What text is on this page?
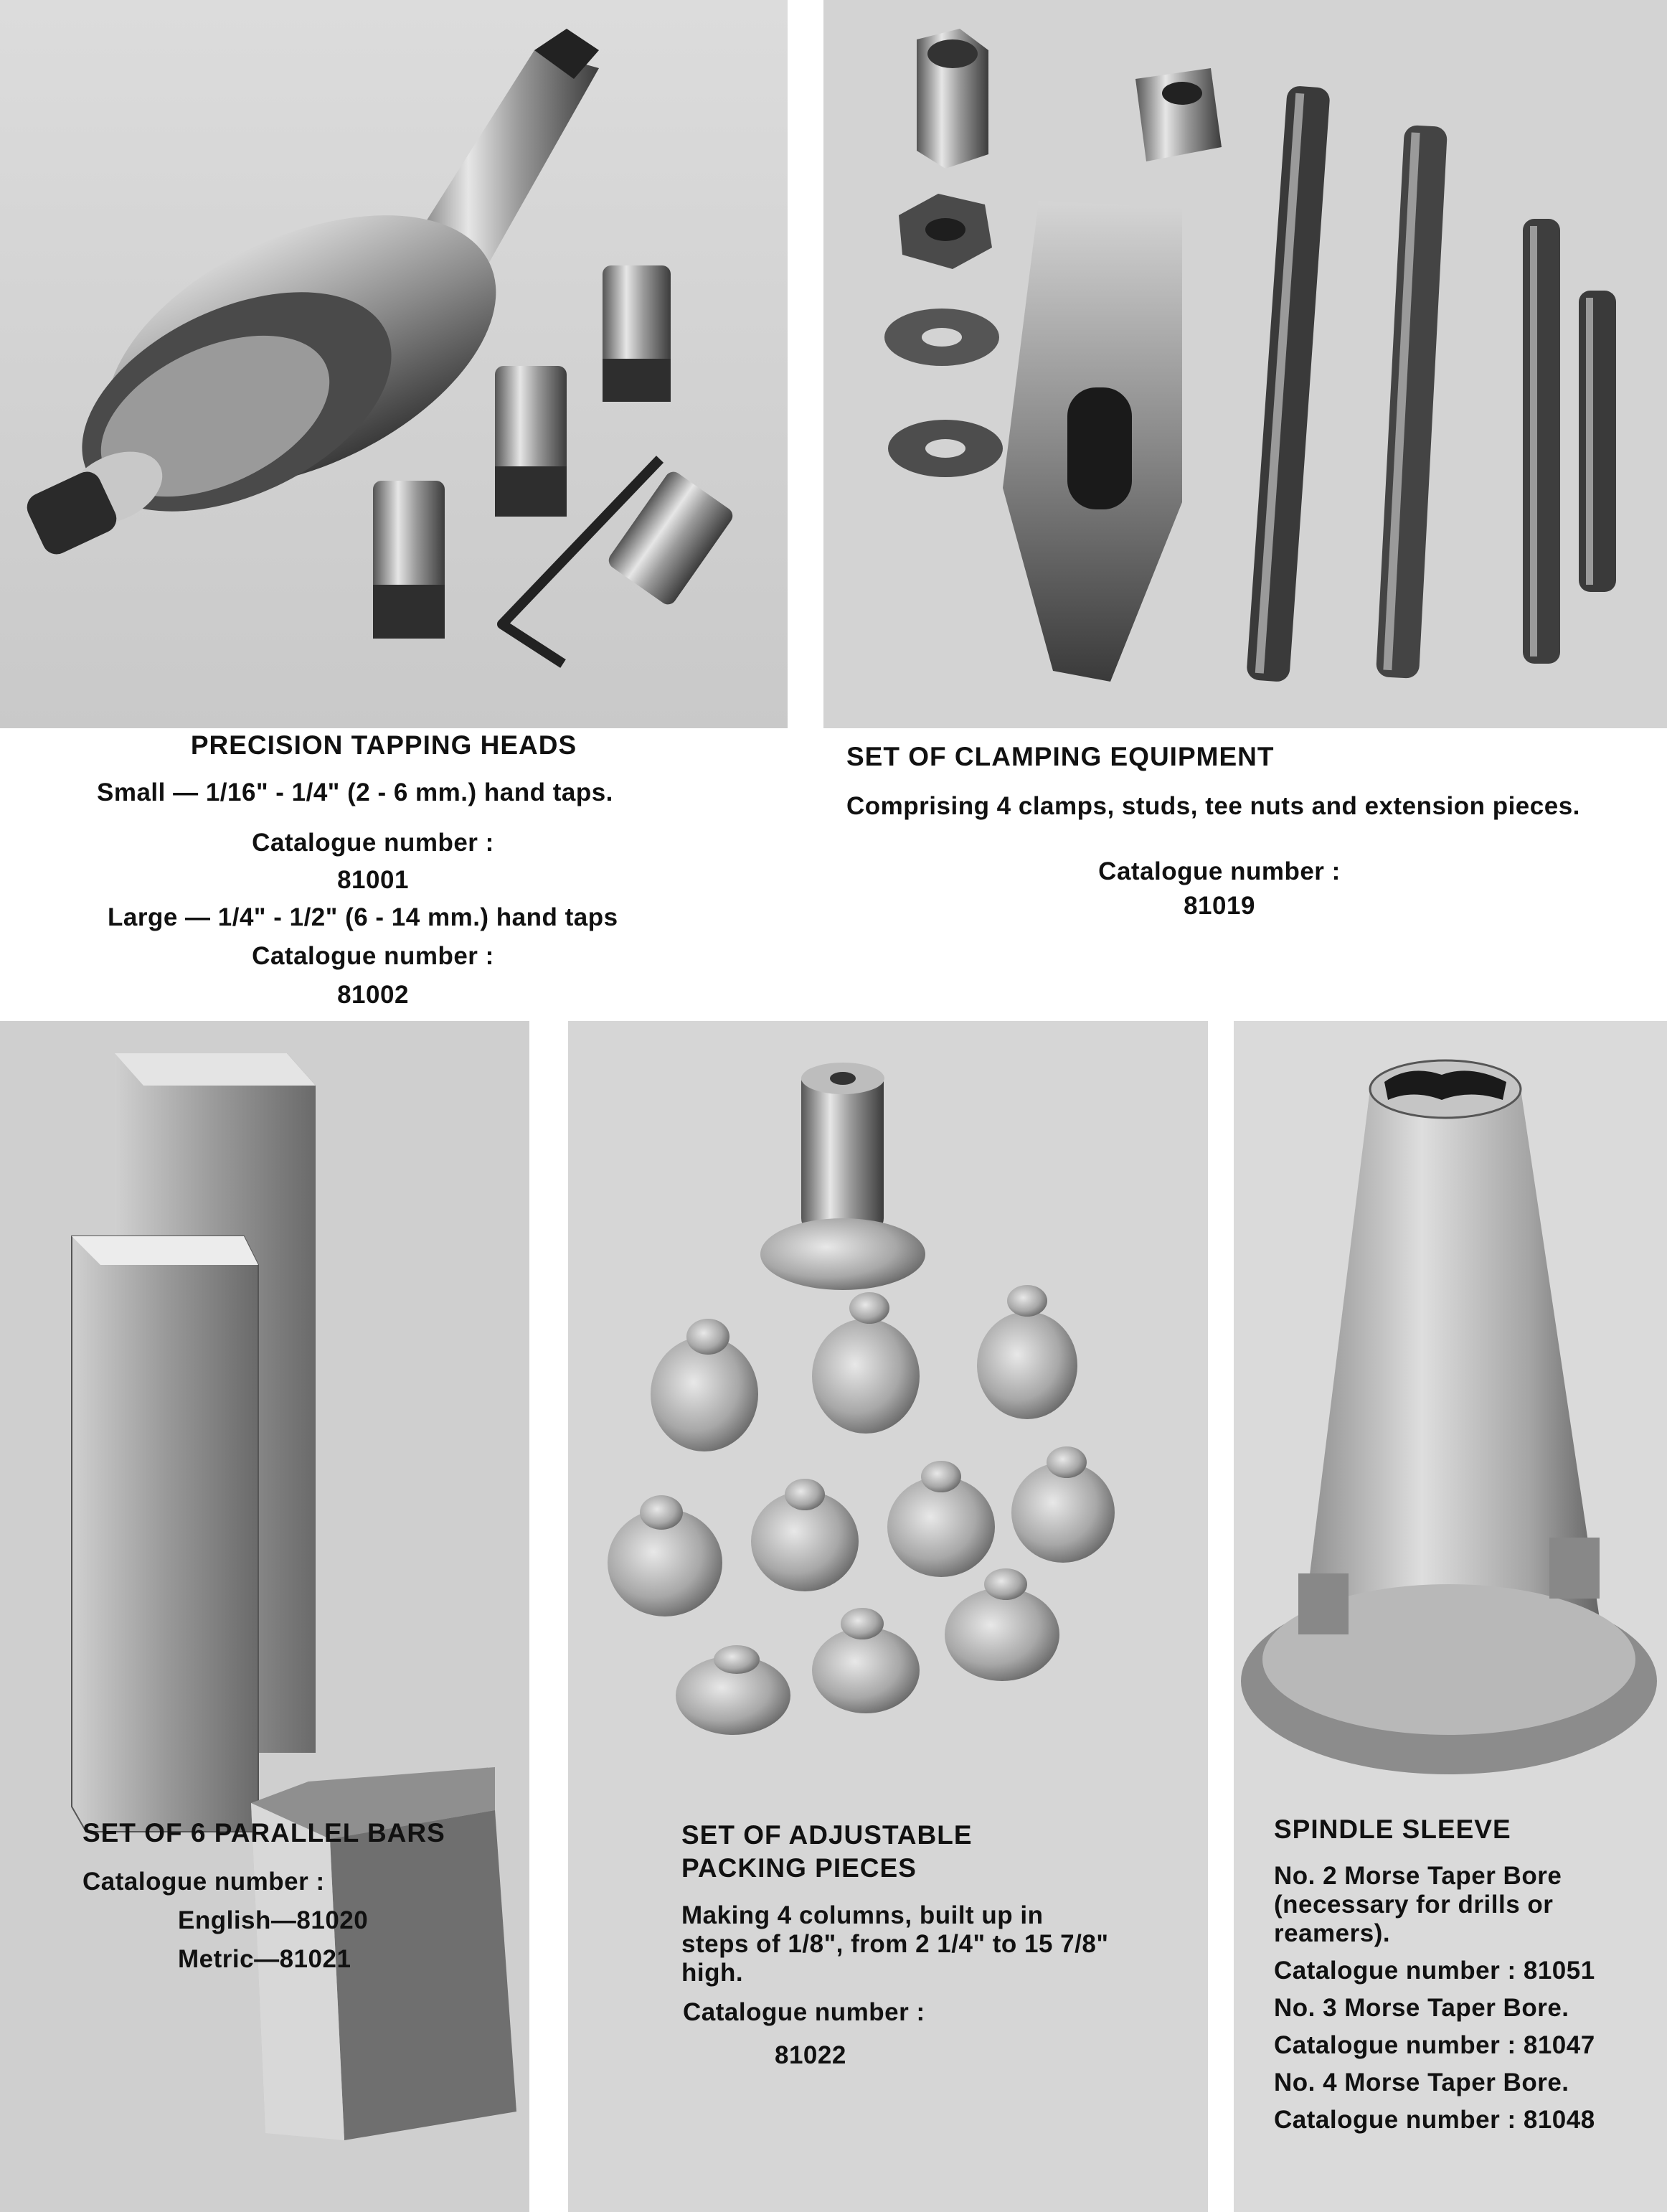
PRECISION TAPPING HEADS
Small — 1/16" - 1/4" (2 - 6 mm.) hand taps.
Catalogue number :
81001
Large — 1/4" - 1/2" (6 - 14 mm.) hand taps
Catalogue number :
81002
SET OF CLAMPING EQUIPMENT
Comprising 4 clamps, studs, tee nuts and extension pieces.
Catalogue number :
81019
SET OF 6 PARALLEL BARS
Catalogue number :
English—81020
Metric—81021
SET OF ADJUSTABLE
PACKING PIECES
Making 4 columns, built up in
steps of 1/8", from 2 1/4" to 15 7/8"
high.
Catalogue number :
81022
SPINDLE SLEEVE
No. 2 Morse Taper Bore
(necessary for drills or
reamers).
Catalogue number : 81051
No. 3 Morse Taper Bore.
Catalogue number : 81047
No. 4 Morse Taper Bore.
Catalogue number : 81048
